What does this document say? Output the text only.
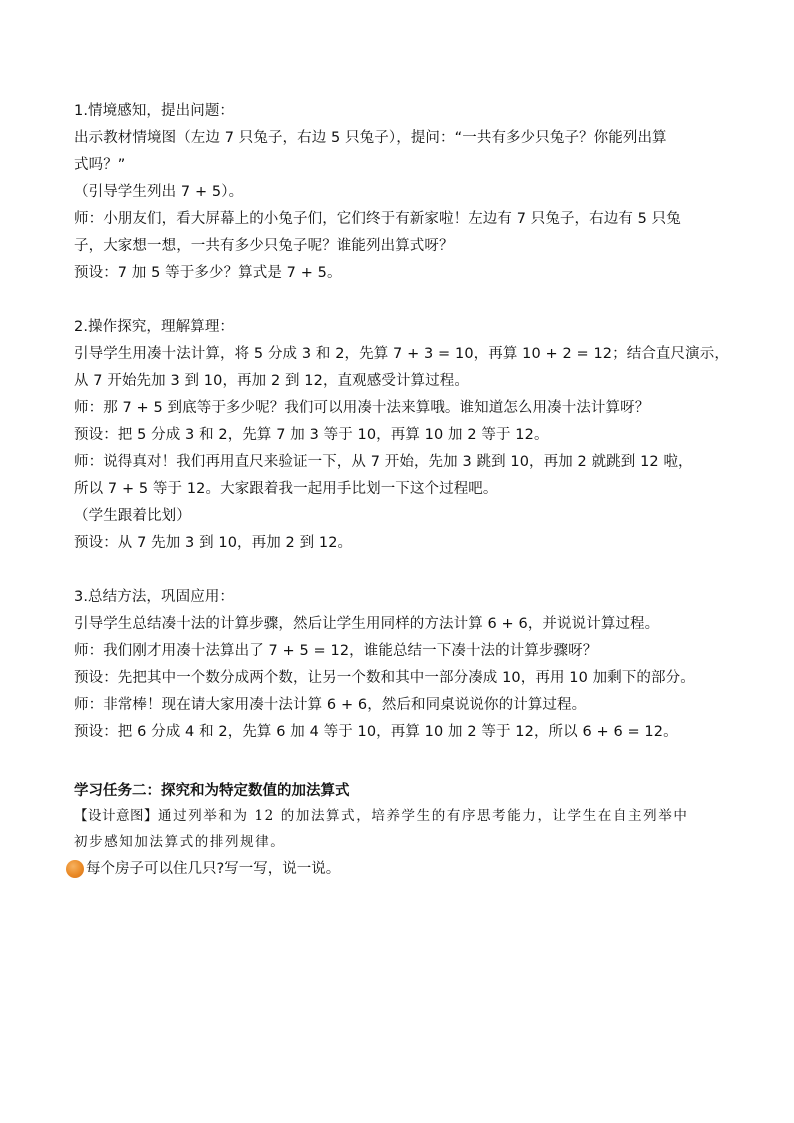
1.情境感知，提出问题：
出示教材情境图（左边 7 只兔子，右边 5 只兔子），提问：“一共有多少只兔子？你能列出算
式吗？”
（引导学生列出 7 + 5）。
师：小朋友们，看大屏幕上的小兔子们，它们终于有新家啦！左边有 7 只兔子，右边有 5 只兔
子，大家想一想，一共有多少只兔子呢？谁能列出算式呀？
预设：7 加 5 等于多少？算式是 7 + 5。
2.操作探究，理解算理：
引导学生用凑十法计算，将 5 分成 3 和 2，先算 7 + 3 = 10，再算 10 + 2 = 12；结合直尺演示，
从 7 开始先加 3 到 10，再加 2 到 12，直观感受计算过程。
师：那 7 + 5 到底等于多少呢？我们可以用凑十法来算哦。谁知道怎么用凑十法计算呀？
预设：把 5 分成 3 和 2，先算 7 加 3 等于 10，再算 10 加 2 等于 12。
师：说得真对！我们再用直尺来验证一下，从 7 开始，先加 3 跳到 10，再加 2 就跳到 12 啦，
所以 7 + 5 等于 12。大家跟着我一起用手比划一下这个过程吧。
（学生跟着比划）
预设：从 7 先加 3 到 10，再加 2 到 12。
3.总结方法，巩固应用：
引导学生总结凑十法的计算步骤，然后让学生用同样的方法计算 6 + 6，并说说计算过程。
师：我们刚才用凑十法算出了 7 + 5 = 12，谁能总结一下凑十法的计算步骤呀？
预设：先把其中一个数分成两个数，让另一个数和其中一部分凑成 10，再用 10 加剩下的部分。
师：非常棒！现在请大家用凑十法计算 6 + 6，然后和同桌说说你的计算过程。
预设：把 6 分成 4 和 2，先算 6 加 4 等于 10，再算 10 加 2 等于 12，所以 6 + 6 = 12。
学习任务二：探究和为特定数值的加法算式
【设计意图】通过列举和为 12 的加法算式，培养学生的有序思考能力，让学生在自主列举中
初步感知加法算式的排列规律。
每个房子可以住几只?写一写，说一说。
